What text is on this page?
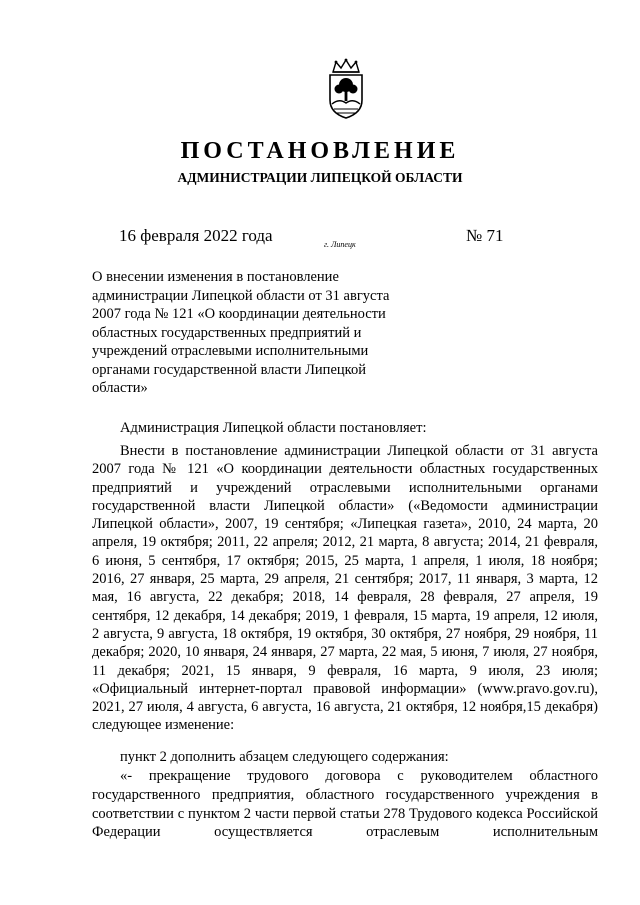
ПОСТАНОВЛЕНИЕ
АДМИНИСТРАЦИИ ЛИПЕЦКОЙ ОБЛАСТИ
16 февраля 2022 года	г. Липецк	№ 71

О внесении изменения в постановление администрации Липецкой области от 31 августа 2007 года № 121 «О координации деятельности областных государственных предприятий и учреждений отраслевыми исполнительными органами государственной власти Липецкой области»

Администрация Липецкой области постановляет:

Внести в постановление администрации Липецкой области от 31 августа 2007 года № 121 «О координации деятельности областных государственных предприятий и учреждений отраслевыми исполнительными органами государственной власти Липецкой области» («Ведомости администрации Липецкой области», 2007, 19 сентября; «Липецкая газета», 2010, 24 марта, 20 апреля, 19 октября; 2011, 22 апреля; 2012, 21 марта, 8 августа; 2014, 21 февраля, 6 июня, 5 сентября, 17 октября; 2015, 25 марта, 1 апреля, 1 июля, 18 ноября; 2016, 27 января, 25 марта, 29 апреля, 21 сентября; 2017, 11 января, 3 марта, 12 мая, 16 августа, 22 декабря; 2018, 14 февраля, 28 февраля, 27 апреля, 19 сентября, 12 декабря, 14 декабря; 2019, 1 февраля, 15 марта, 19 апреля, 12 июля, 2 августа, 9 августа, 18 октября, 19 октября, 30 октября, 27 ноября, 29 ноября, 11 декабря; 2020, 10 января, 24 января, 27 марта, 22 мая, 5 июня, 7 июля, 27 ноября, 11 декабря; 2021, 15 января, 9 февраля, 16 марта, 9 июля, 23 июля; «Официальный интернет-портал правовой информации» (www.pravo.gov.ru), 2021, 27 июля, 4 августа, 6 августа, 16 августа, 21 октября, 12 ноября,15 декабря) следующее изменение:

пункт 2 дополнить абзацем следующего содержания:

«- прекращение трудового договора с руководителем областного государственного предприятия, областного государственного учреждения в соответствии с пунктом 2 части первой статьи 278 Трудового кодекса Российской Федерации осуществляется отраслевым исполнительным
